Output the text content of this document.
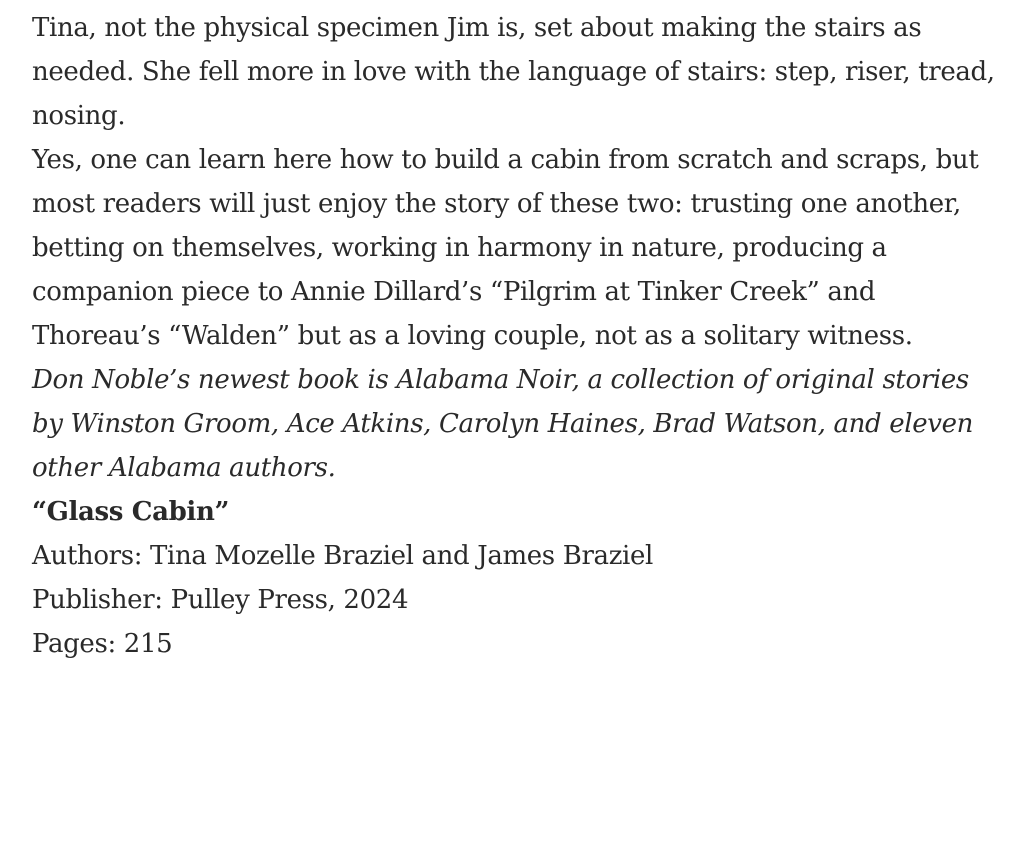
Tina, not the physical specimen Jim is, set about making the stairs as needed. She fell more in love with the language of stairs: step, riser, tread, nosing.

Yes, one can learn here how to build a cabin from scratch and scraps, but most readers will just enjoy the story of these two: trusting one another, betting on themselves, working in harmony in nature, producing a companion piece to Annie Dillard’s “Pilgrim at Tinker Creek” and Thoreau’s “Walden” but as a loving couple, not as a solitary witness.

Don Noble’s newest book is Alabama Noir, a collection of original stories by Winston Groom, Ace Atkins, Carolyn Haines, Brad Watson, and eleven other Alabama authors.

“Glass Cabin”

Authors: Tina Mozelle Braziel and James Braziel

Publisher: Pulley Press, 2024

Pages: 215
